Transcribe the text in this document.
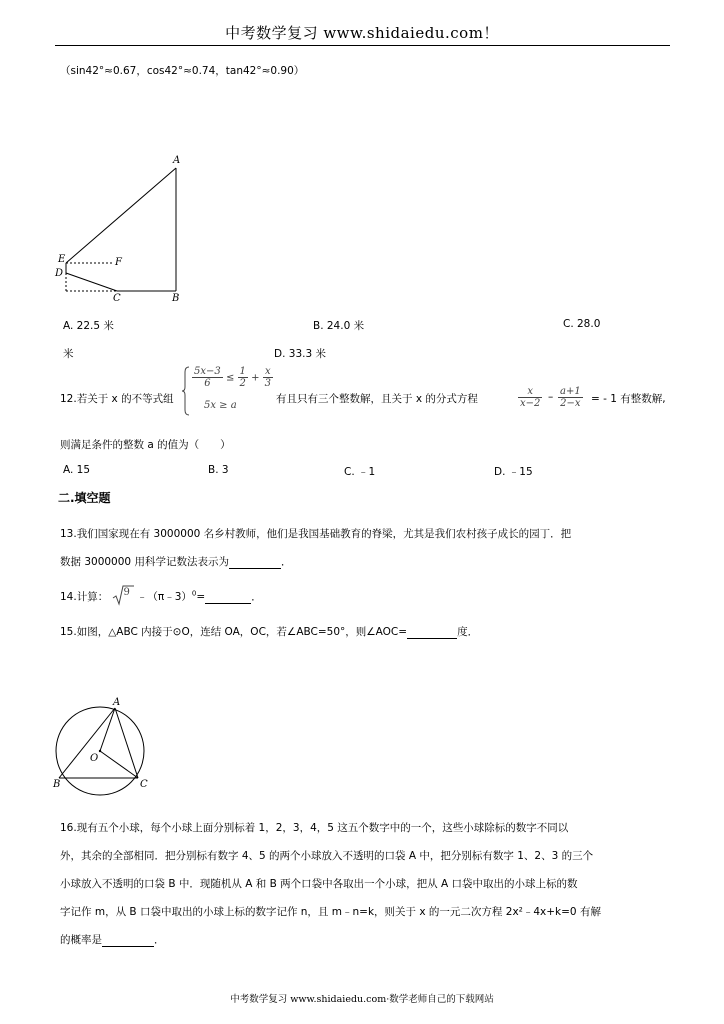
中考数学复习 www.shidaiedu.com！
（sin42°≈0.67，cos42°≈0.74，tan42°≈0.90）
A
B
C
D
E	F
A. 22.5 米	B. 24.0 米	C. 28.0
米	D. 33.3 米
12.若关于 x 的不等式组
$\frac{5x-3}{6} \le \frac{1}{2} + \frac{x}{3}$
5x ≥ a
有且只有三个整数解，且关于 x 的分式方程	$\frac{x}{x-2} - \frac{a+1}{2-x}$ = - 1 有整数解,
则满足条件的整数 a 的值为（　　）
A. 15	B. 3	C. ﹣1	D. ﹣15
二.填空题
13.我们国家现在有 3000000 名乡村教师，他们是我国基础教育的脊梁，尤其是我们农村孩子成长的园丁．把
数据 3000000 用科学记数法表示为	．
14.计算： 9 ﹣（π﹣3）$^0$=	．
15.如图，△ABC 内接于⊙O，连结 OA，OC，若∠ABC=50°，则∠AOC=	度．
A
B	C
O
16.现有五个小球，每个小球上面分别标着 1，2，3，4，5 这五个数字中的一个，这些小球除标的数字不同以
外，其余的全部相同．把分别标有数字 4、5 的两个小球放入不透明的口袋 A 中，把分别标有数字 1、2、3 的三个
小球放入不透明的口袋 B 中．现随机从 A 和 B 两个口袋中各取出一个小球，把从 A 口袋中取出的小球上标的数
字记作 m，从 B 口袋中取出的小球上标的数字记作 n，且 m﹣n=k，则关于 x 的一元二次方程 2x²﹣4x+k=0 有解
的概率是	．
中考数学复习 www.shidaiedu.com·数学老师自己的下载网站
